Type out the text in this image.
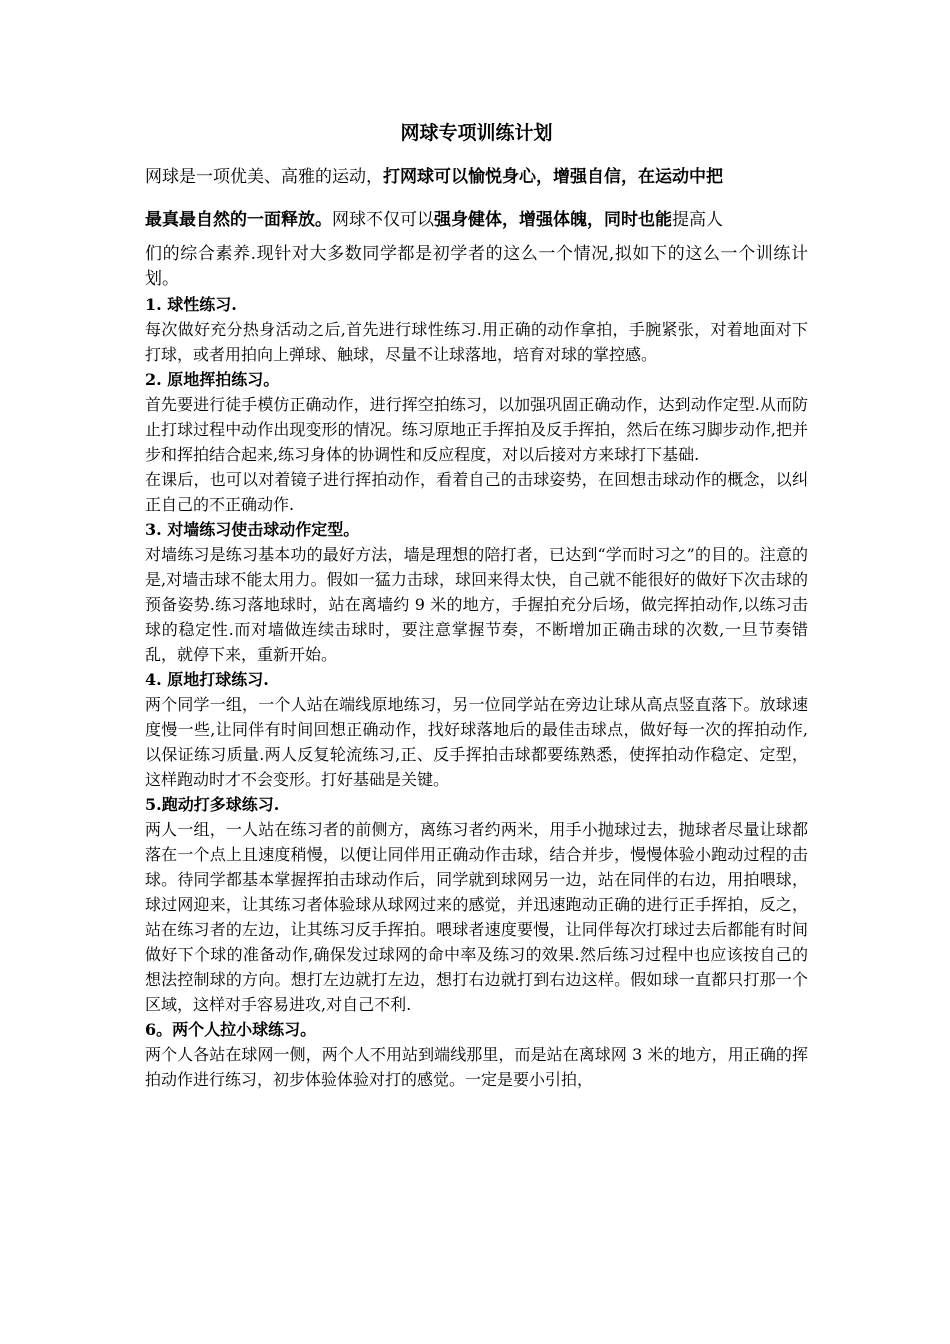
网球专项训练计划

网球是一项优美、高雅的运动，打网球可以愉悦身心，增强自信，在运动中把
最真最自然的一面释放。网球不仅可以强身健体，增强体魄，同时也能提高人

们的综合素养.现针对大多数同学都是初学者的这么一个情况,拟如下的这么一个训练计划。

1. 球性练习.

每次做好充分热身活动之后,首先进行球性练习.用正确的动作拿拍，手腕紧张，对着地面对下打球，或者用拍向上弹球、触球，尽量不让球落地，培育对球的掌控感。

2. 原地挥拍练习。

首先要进行徒手模仿正确动作，进行挥空拍练习，以加强巩固正确动作，达到动作定型.从而防止打球过程中动作出现变形的情况。练习原地正手挥拍及反手挥拍，然后在练习脚步动作,把并步和挥拍结合起来,练习身体的协调性和反应程度，对以后接对方来球打下基础.

在课后，也可以对着镜子进行挥拍动作，看着自己的击球姿势，在回想击球动作的概念，以纠正自己的不正确动作.

3. 对墙练习使击球动作定型。

对墙练习是练习基本功的最好方法，墙是理想的陪打者，已达到“学而时习之”的目的。注意的是,对墙击球不能太用力。假如一猛力击球，球回来得太快，自己就不能很好的做好下次击球的预备姿势.练习落地球时，站在离墙约 9 米的地方，手握拍充分后场，做完挥拍动作,以练习击球的稳定性.而对墙做连续击球时，要注意掌握节奏，不断增加正确击球的次数,一旦节奏错乱，就停下来，重新开始。

4. 原地打球练习.

两个同学一组，一个人站在端线原地练习，另一位同学站在旁边让球从高点竖直落下。放球速度慢一些,让同伴有时间回想正确动作，找好球落地后的最佳击球点，做好每一次的挥拍动作,以保证练习质量.两人反复轮流练习,正、反手挥拍击球都要练熟悉，使挥拍动作稳定、定型，这样跑动时才不会变形。打好基础是关键。

5.跑动打多球练习.

两人一组，一人站在练习者的前侧方，离练习者约两米，用手小抛球过去，抛球者尽量让球都落在一个点上且速度稍慢，以便让同伴用正确动作击球，结合并步，慢慢体验小跑动过程的击球。待同学都基本掌握挥拍击球动作后，同学就到球网另一边，站在同伴的右边，用拍喂球，球过网迎来，让其练习者体验球从球网过来的感觉，并迅速跑动正确的进行正手挥拍，反之，站在练习者的左边，让其练习反手挥拍。喂球者速度要慢，让同伴每次打球过去后都能有时间做好下个球的准备动作,确保发过球网的命中率及练习的效果.然后练习过程中也应该按自己的想法控制球的方向。想打左边就打左边，想打右边就打到右边这样。假如球一直都只打那一个区域，这样对手容易进攻,对自己不利.

6。两个人拉小球练习。

两个人各站在球网一侧，两个人不用站到端线那里，而是站在离球网 3 米的地方，用正确的挥拍动作进行练习，初步体验体验对打的感觉。一定是要小引拍，
